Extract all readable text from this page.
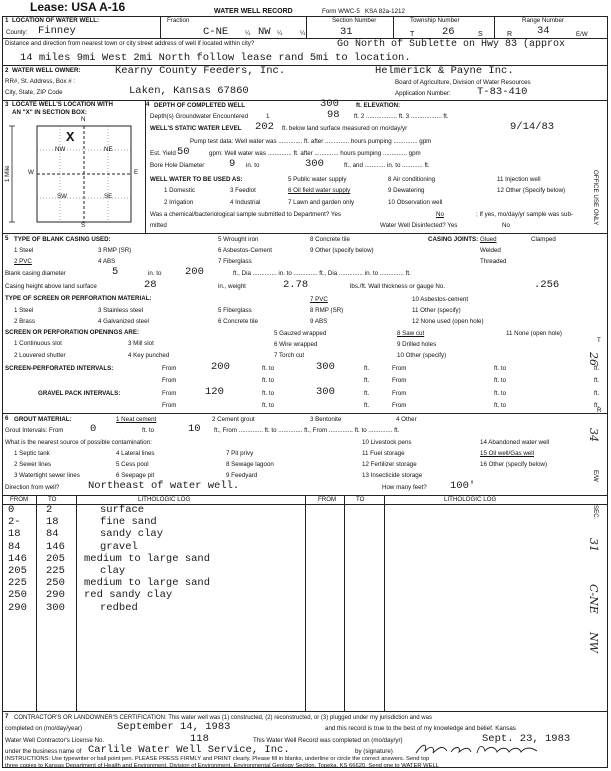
Lease: USA A-16	WATER WELL RECORD	Form WWC-5 KSA 82a-1212
1 LOCATION OF WATER WELL:
County: Finney
Fraction
C-NE	¼ NW ¼	¼
Section Number
31
Township Number
T	26	S
Range Number
R 34	E/W
Distance and direction from nearest town or city street address of well if located within city?	Go North of Sublette on Hwy 83 (approx
14 miles 9mi West 2mi North follow lease rand 5mi to location.
2 WATER WELL OWNER:	Kearny County Feeders, Inc.	Helmerick & Payne Inc.
RR#, St. Address, Box # :
City, State, ZIP Code	Laken, Kansas 67860
Board of Agriculture, Division of Water Resources
Application Number:	T-83-410
3 LOCATE WELL'S LOCATION WITH
AN "X" IN SECTION BOX:
4
N
W	E
S
NW	NE
SW	SE
1 Mile
X
DEPTH OF COMPLETED WELL	300	ft. ELEVATION:
Depth(s) Groundwater Encountered	1	98 ft. 2 .................. ft. 3 .................. ft.
WELL'S STATIC WATER LEVEL 202 ft. below land surface measured on mo/day/yr	9/14/83
Pump test data: Well water was .............. ft. after .............. hours pumping .............. gpm
Est. Yield 50	gpm: Well water was .............. ft. after .............. hours pumping .............. gpm
Bore Hole Diameter 9 in. to	300	ft., and ............ in. to ............ ft.
WELL WATER TO BE USED AS:
1 Domestic
2 Irrigation
3 Feedlot
4 Industrial
5 Public water supply
6 Oil field water supply
7 Lawn and garden only
8 Air conditioning
9 Dewatering
10 Observation well
11 Injection well
12 Other (Specify below)
Was a chemical/bacteriological sample submitted to Department? Yes	No	; If yes, mo/day/yr sample was sub-
mitted	Water Well Disinfected? Yes	No
5 TYPE OF BLANK CASING USED:
1 Steel
2 PVC
3 RMP (SR)
4 ABS
5 Wrought iron
6 Asbestos-Cement
7 Fiberglass
8 Concrete tile
9 Other (specify below)
CASING JOINTS: Glued	Clamped
Welded
Threaded
Blank casing diameter	5	in. to 200	ft., Dia .............. in. to .............. ft., Dia .............. in. to .............. ft.
Casing height above land surface	28	in., weight	2.78	lbs./ft. Wall thickness or gauge No.	.256
TYPE OF SCREEN OR PERFORATION MATERIAL:
1 Steel
2 Brass
3 Stainless steel
4 Galvanized steel
5 Fiberglass
6 Concrete tile
7 PVC
8 RMP (SR)
9 ABS
10 Asbestos-cement
11 Other (specify)
12 None used (open hole)
SCREEN OR PERFORATION OPENINGS ARE:
1 Continuous slot
2 Louvered shutter
3 Mill slot
4 Key punched
5 Gauzed wrapped
6 Wire wrapped
7 Torch cut
8 Saw cut
9 Drilled holes
10 Other (specify)
11 None (open hole)
SCREEN-PERFORATED INTERVALS:	From	200	ft. to	300	ft.	From	ft. to	ft.
From	ft. to	ft.	From	ft. to	ft.
GRAVEL PACK INTERVALS:	From	120	ft. to	300	ft.	From	ft. to	ft.
From	ft. to	ft.	From	ft. to	ft.
6 GROUT MATERIAL:	1 Neat cement	2 Cement grout	3 Bentonite	4 Other
Grout Intervals: From	0	ft. to	10 ft., From .............. ft. to .............. ft., From .............. ft. to .............. ft.
What is the nearest source of possible contamination:
1 Septic tank
2 Sewer lines
3 Watertight sewer lines
4 Lateral lines
5 Cess pool
6 Seepage pit
7 Pit privy
8 Sewage lagoon
9 Feedyard
10 Livestock pens
11 Fuel storage
12 Fertilizer storage
13 Insecticide storage
14 Abandoned water well
15 Oil well/Gas well
16 Other (specify below)
Direction from well?	Northeast of water well.	How many feet? 100'
FROM	TO	LITHOLOGIC LOG	FROM	TO	LITHOLOGIC LOG
0	2	surface
2- 18	fine sand
18 84	sandy clay
84 146	gravel
146 205 medium to large sand
205 225	clay
225 250 medium to large sand
250 290 red sandy clay
290 300	redbed
7 CONTRACTOR'S OR LANDOWNER'S CERTIFICATION: This water well was (1) constructed, (2) reconstructed, or (3) plugged under my jurisdiction and was
completed on (mo/day/year)	September 14, 1983	and this record is true to the best of my knowledge and belief. Kansas
Water Well Contractor's License No.	118	This Water Well Record was completed on (mo/day/yr)	Sept. 23, 1983
under the business name of Carlile Water Well Service, Inc.	by (signature)
INSTRUCTIONS: Use typewriter or ball point pen. PLEASE PRESS FIRMLY and PRINT clearly. Please fill in blanks, underline or circle the correct answers. Send top
three copies to Kansas Department of Health and Environment, Division of Environment, Environmental Geology Section, Topeka, KS 66620. Send one to WATER WELL
OFFICE USE ONLY
T
26
R
34
E/W
SEC.
31
C-NE
NW
